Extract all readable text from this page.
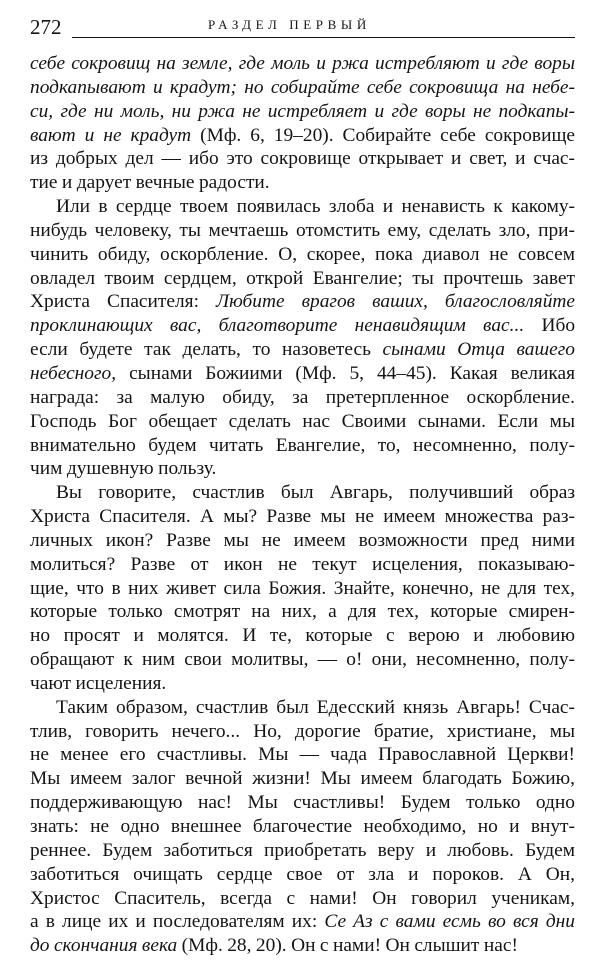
272	РАЗДЕЛ ПЕРВЫЙ
себе сокровищ на земле, где моль и ржа истребляют и где воры
подкапывают и крадут; но собирайте себе сокровища на небе-
си, где ни моль, ни ржа не истребляет и где воры не подкапы-
вают и не крадут (Мф. 6, 19–20). Собирайте себе сокровище
из добрых дел — ибо это сокровище открывает и свет, и счас-
тие и дарует вечные радости.
Или в сердце твоем появилась злоба и ненависть к какому-
нибудь человеку, ты мечтаешь отомстить ему, сделать зло, при-
чинить обиду, оскорбление. О, скорее, пока диавол не совсем
овладел твоим сердцем, открой Евангелие; ты прочтешь завет
Христа Спасителя: Любите врагов ваших, благословляйте
проклинающих вас, благотворите ненавидящим вас... Ибо
если будете так делать, то назоветесь сынами Отца вашего
небесного, сынами Божиими (Мф. 5, 44–45). Какая великая
награда: за малую обиду, за претерпленное оскорбление.
Господь Бог обещает сделать нас Своими сынами. Если мы
внимательно будем читать Евангелие, то, несомненно, полу-
чим душевную пользу.
Вы говорите, счастлив был Авгарь, получивший образ
Христа Спасителя. А мы? Разве мы не имеем множества раз-
личных икон? Разве мы не имеем возможности пред ними
молиться? Разве от икон не текут исцеления, показываю-
щие, что в них живет сила Божия. Знайте, конечно, не для тех,
которые только смотрят на них, а для тех, которые смирен-
но просят и молятся. И те, которые с верою и любовию
обращают к ним свои молитвы, — о! они, несомненно, полу-
чают исцеления.
Таким образом, счастлив был Едесский князь Авгарь! Счас-
тлив, говорить нечего... Но, дорогие братие, христиане, мы
не менее его счастливы. Мы — чада Православной Церкви!
Мы имеем залог вечной жизни! Мы имеем благодать Божию,
поддерживающую нас! Мы счастливы! Будем только одно
знать: не одно внешнее благочестие необходимо, но и внут-
реннее. Будем заботиться приобретать веру и любовь. Будем
заботиться очищать сердце свое от зла и пороков. А Он,
Христос Спаситель, всегда с нами! Он говорил ученикам,
а в лице их и последователям их: Се Аз с вами есмь во вся дни
до скончания века (Мф. 28, 20). Он с нами! Он слышит нас!
